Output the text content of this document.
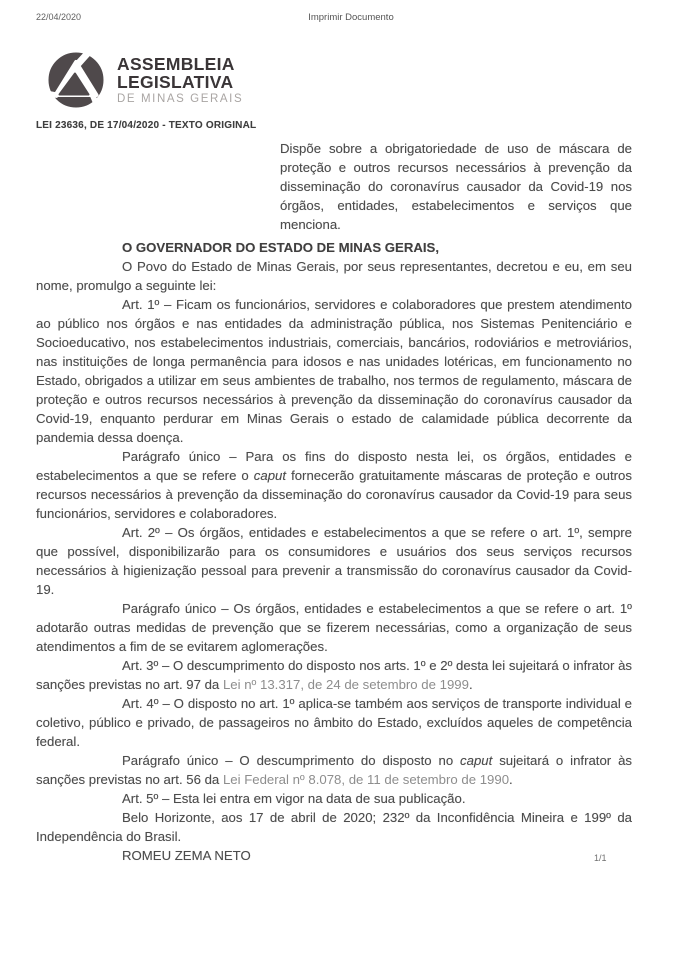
22/04/2020	Imprimir Documento
ASSEMBLEIA
LEGISLATIVA
DE MINAS GERAIS
LEI 23636, DE 17/04/2020 - TEXTO ORIGINAL

Dispõe sobre a obrigatoriedade de uso de máscara de proteção e outros recursos necessários à prevenção da disseminação do coronavírus causador da Covid-19 nos órgãos, entidades, estabelecimentos e serviços que menciona.

O GOVERNADOR DO ESTADO DE MINAS GERAIS,

O Povo do Estado de Minas Gerais, por seus representantes, decretou e eu, em seu nome, promulgo a seguinte lei:

Art. 1º – Ficam os funcionários, servidores e colaboradores que prestem atendimento ao público nos órgãos e nas entidades da administração pública, nos Sistemas Penitenciário e Socioeducativo, nos estabelecimentos industriais, comerciais, bancários, rodoviários e metroviários, nas instituições de longa permanência para idosos e nas unidades lotéricas, em funcionamento no Estado, obrigados a utilizar em seus ambientes de trabalho, nos termos de regulamento, máscara de proteção e outros recursos necessários à prevenção da disseminação do coronavírus causador da Covid-19, enquanto perdurar em Minas Gerais o estado de calamidade pública decorrente da pandemia dessa doença.

Parágrafo único – Para os fins do disposto nesta lei, os órgãos, entidades e estabelecimentos a que se refere o caput fornecerão gratuitamente máscaras de proteção e outros recursos necessários à prevenção da disseminação do coronavírus causador da Covid-19 para seus funcionários, servidores e colaboradores.

Art. 2º – Os órgãos, entidades e estabelecimentos a que se refere o art. 1º, sempre que possível, disponibilizarão para os consumidores e usuários dos seus serviços recursos necessários à higienização pessoal para prevenir a transmissão do coronavírus causador da Covid-19.

Parágrafo único – Os órgãos, entidades e estabelecimentos a que se refere o art. 1º adotarão outras medidas de prevenção que se fizerem necessárias, como a organização de seus atendimentos a fim de se evitarem aglomerações.

Art. 3º – O descumprimento do disposto nos arts. 1º e 2º desta lei sujeitará o infrator às sanções previstas no art. 97 da Lei nº 13.317, de 24 de setembro de 1999.

Art. 4º – O disposto no art. 1º aplica-se também aos serviços de transporte individual e coletivo, público e privado, de passageiros no âmbito do Estado, excluídos aqueles de competência federal.

Parágrafo único – O descumprimento do disposto no caput sujeitará o infrator às sanções previstas no art. 56 da Lei Federal nº 8.078, de 11 de setembro de 1990.

Art. 5º – Esta lei entra em vigor na data de sua publicação.

Belo Horizonte, aos 17 de abril de 2020; 232º da Inconfidência Mineira e 199º da Independência do Brasil.

ROMEU ZEMA NETO	1/1
